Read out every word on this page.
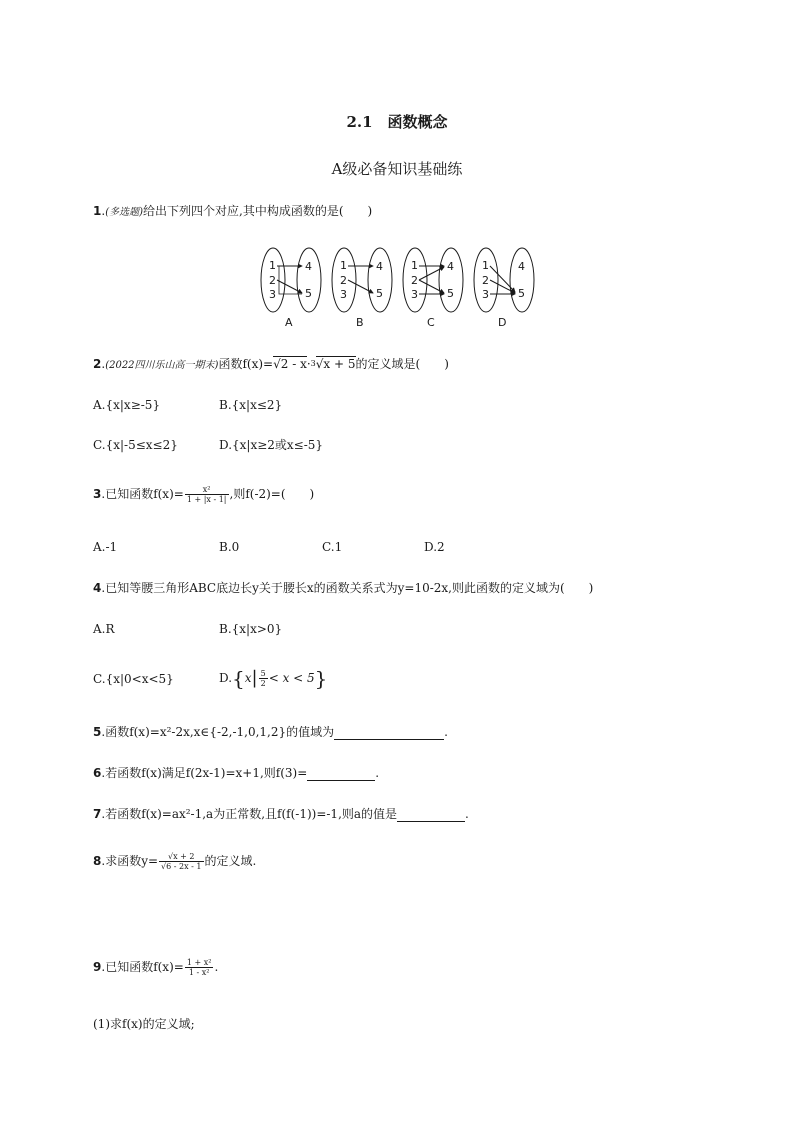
2.1　函数概念
A级必备知识基础练
1.(多选题)给出下列四个对应,其中构成函数的是(　　)
1
2
3
4
5
A
1
2
3
4
5
B
1
2
3
4
5
C
1
2
3
4
5
D
2.(2022四川乐山高一期末)函数f(x)=√2 - x·$^3$√x + 5的定义域是(　　)
A.{x|x≥-5}	B.{x|x≤2}
C.{x|-5≤x≤2}	D.{x|x≥2或x≤-5}
3.已知函数$f(x)= \frac{\text{x²}}{1 + |x - 1|}$ ,则f(-2)=(　　)
A.-1	B.0	C.1	D.2
4.已知等腰三角形ABC底边长y关于腰长x的函数关系式为y=10-2x,则此函数的定义域为(　　)
A.R	B.{x|x>0}
C.{x|0<x<5}	$D.\{x| \frac{5}{2} < x < 5\}$
5.函数f(x)=x²-2x,x∈{-2,-1,0,1,2}的值域为	.
6.若函数f(x)满足f(2x-1)=x+1,则f(3)=	.
7.若函数f(x)=ax²-1,a为正常数,且f(f(-1))=-1,则a的值是	.
8.求函数$y= \frac{√x + 2}{√6 - 2x - 1}$ 的定义域.
9.已知函数$f(x)= \frac{\text{1 + x²}}{\text{1 - x²}}$ .
(1)求f(x)的定义域;
